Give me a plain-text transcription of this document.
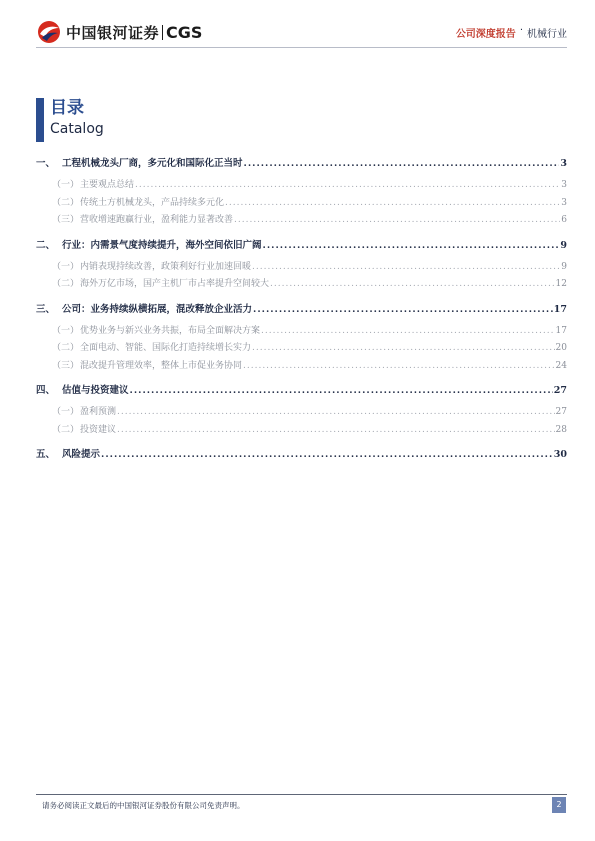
中国银河证券 CGS	公司深度报告 · 机械行业
目录
Catalog
一、 工程机械龙头厂商，多元化和国际化正当时 .....	3
（一） 主要观点总结 .....	3
（二） 传统土方机械龙头，产品持续多元化 .....	3
（三） 营收增速跑赢行业，盈利能力显著改善 .....	6
二、 行业：内需景气度持续提升，海外空间依旧广阔 .....	9
（一） 内销表现持续改善，政策利好行业加速回暖 .....	9
（二） 海外万亿市场，国产主机厂市占率提升空间较大 .....	12
三、 公司：业务持续纵横拓展，混改释放企业活力 .....	17
（一） 优势业务与新兴业务共振，布局全面解决方案 .....	17
（二） 全面电动、智能、国际化打造持续增长实力 .....	20
（三） 混改提升管理效率，整体上市促业务协同 .....	24
四、 估值与投资建议 .....	27
（一） 盈利预测 .....	27
（二） 投资建议 .....	28
五、 风险提示 .....	30
请务必阅读正文最后的中国银河证券股份有限公司免责声明。	2
